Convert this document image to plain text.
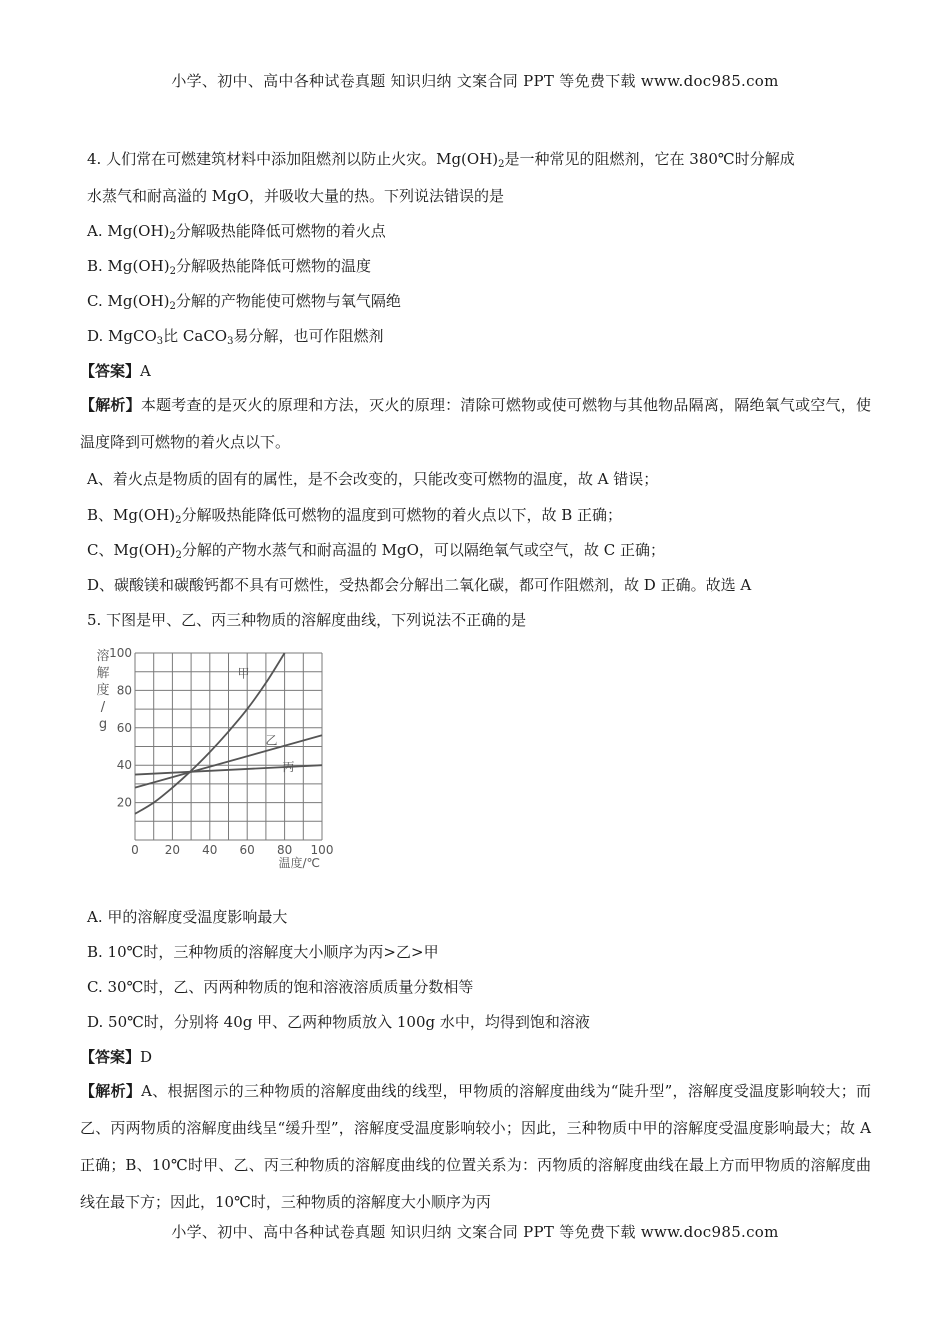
小学、初中、高中各种试卷真题 知识归纳 文案合同 PPT 等免费下载 www.doc985.com
4. 人们常在可燃建筑材料中添加阻燃剂以防止火灾。$Mg(OH)_2$是一种常见的阻燃剂，它在 380℃时分解成
水蒸气和耐高溢的 MgO，并吸收大量的热。下列说法错误的是
A. $Mg(OH)_2$分解吸热能降低可燃物的着火点
B. $Mg(OH)_2$分解吸热能降低可燃物的温度
C. $Mg(OH)_2$分解的产物能使可燃物与氧气隔绝
D. MgCO$_3$比 CaCO$_3$易分解，也可作阻燃剂
【答案】A
【解析】本题考查的是灭火的原理和方法，灭火的原理：清除可燃物或使可燃物与其他物品隔离，隔绝氧气或空气，使温度降到可燃物的着火点以下。
A、着火点是物质的固有的属性，是不会改变的，只能改变可燃物的温度，故 A 错误；
B、$Mg(OH)_2$分解吸热能降低可燃物的温度到可燃物的着火点以下，故 B 正确；
C、$Mg(OH)_2$分解的产物水蒸气和耐高温的 MgO，可以隔绝氧气或空气，故 C 正确；
D、碳酸镁和碳酸钙都不具有可燃性，受热都会分解出二氧化碳，都可作阻燃剂，故 D 正确。故选 A
5. 下图是甲、乙、丙三种物质的溶解度曲线，下列说法不正确的是
0 20 40 60 80 100
20
40
60
80
100
溶
解
度
/
g
温度/℃
甲
乙
丙
A. 甲的溶解度受温度影响最大
B. 10℃时，三种物质的溶解度大小顺序为丙>乙>甲
C. 30℃时，乙、丙两种物质的饱和溶液溶质质量分数相等
D. 50℃时，分别将 40g 甲、乙两种物质放入 100g 水中，均得到饱和溶液
【答案】D
【解析】A、根据图示的三种物质的溶解度曲线的线型，甲物质的溶解度曲线为“陡升型”，溶解度受温度影响较大；而乙、丙两物质的溶解度曲线呈“缓升型”，溶解度受温度影响较小；因此，三种物质中甲的溶解度受温度影响最大；故 A 正确；B、10℃时甲、乙、丙三种物质的溶解度曲线的位置关系为：丙物质的溶解度曲线在最上方而甲物质的溶解度曲线在最下方；因此，10℃时，三种物质的溶解度大小顺序为丙
小学、初中、高中各种试卷真题 知识归纳 文案合同 PPT 等免费下载 www.doc985.com
